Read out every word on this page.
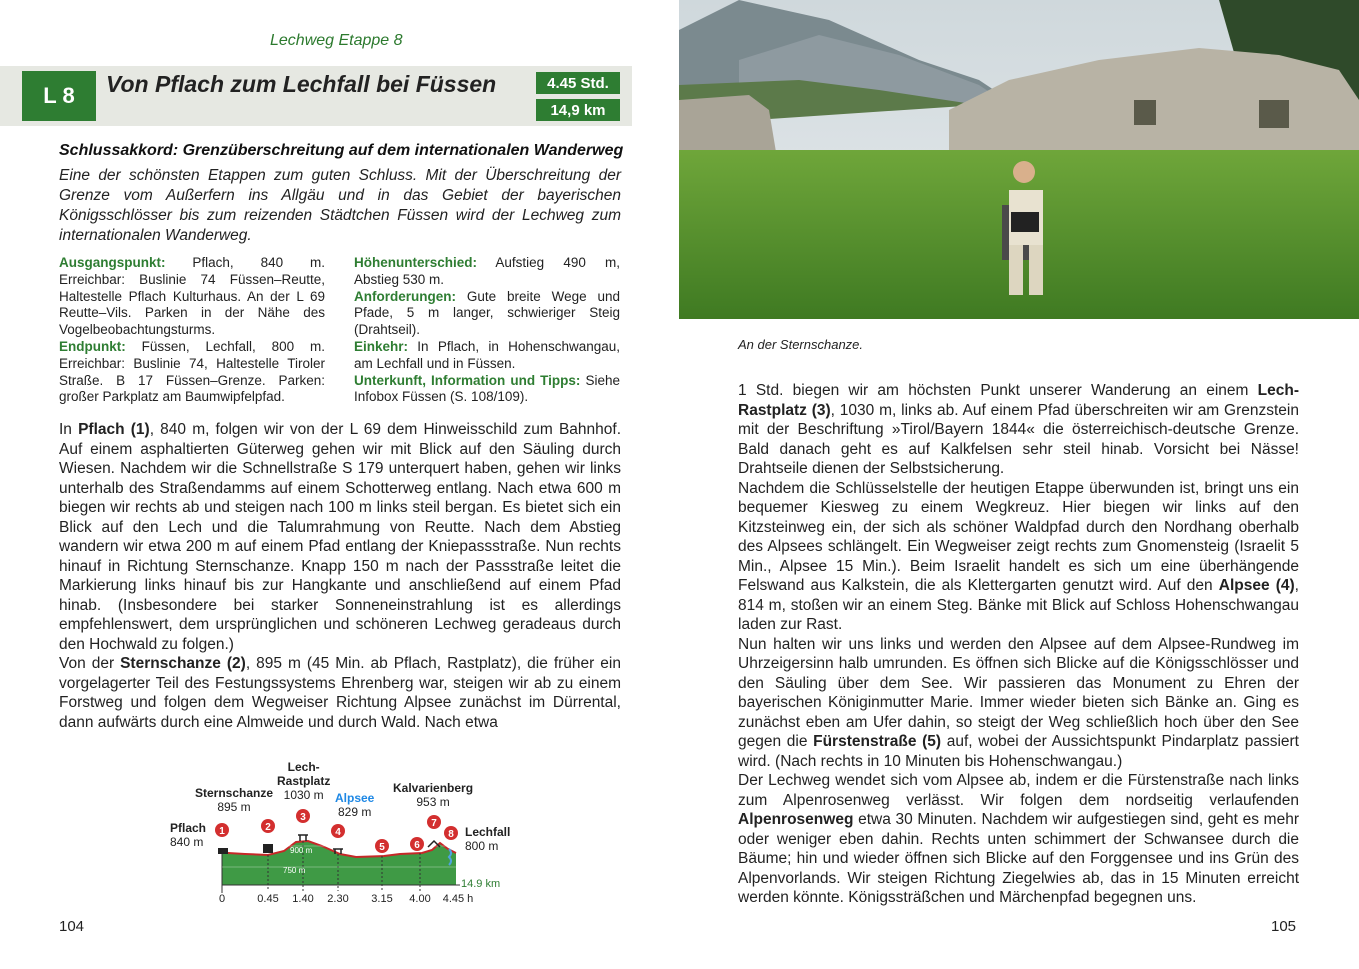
Lechweg Etappe 8
L 8	Von Pflach zum Lechfall bei Füssen	4.45 Std.
14,9 km
Schlussakkord: Grenzüberschreitung auf dem internationalen Wanderweg
Eine der schönsten Etappen zum guten Schluss. Mit der Überschreitung der Grenze vom Außerfern ins Allgäu und in das Gebiet der bayerischen Königsschlösser bis zum reizenden Städtchen Füssen wird der Lechweg zum internationalen Wanderweg.
Ausgangspunkt: Pflach, 840 m. Erreichbar: Buslinie 74 Füssen–Reutte, Haltestelle Pflach Kulturhaus. An der L 69 Reutte–Vils. Parken in der Nähe des Vogelbeobachtungsturms.
Endpunkt: Füssen, Lechfall, 800 m. Erreichbar: Buslinie 74, Haltestelle Tiroler Straße. B 17 Füssen–Grenze. Parken: großer Parkplatz am Baumwipfelpfad.
Höhenunterschied: Aufstieg 490 m, Abstieg 530 m.
Anforderungen: Gute breite Wege und Pfade, 5 m langer, schwieriger Steig (Drahtseil).
Einkehr: In Pflach, in Hohenschwangau, am Lechfall und in Füssen.
Unterkunft, Information und Tipps: Siehe Infobox Füssen (S. 108/109).

In Pflach (1), 840 m, folgen wir von der L 69 dem Hinweisschild zum Bahnhof. Auf einem asphaltierten Güterweg gehen wir mit Blick auf den Säuling durch Wiesen. Nachdem wir die Schnellstraße S 179 unterquert haben, gehen wir links unterhalb des Straßendamms auf einem Schotterweg entlang. Nach etwa 600 m biegen wir rechts ab und steigen nach 100 m links steil bergan. Es bietet sich ein Blick auf den Lech und die Talumrahmung von Reutte. Nach dem Abstieg wandern wir etwa 200 m auf einem Pfad entlang der Kniepassstraße. Nun rechts hinauf in Richtung Sternschanze. Knapp 150 m nach der Passstraße leitet die Markierung links hinauf bis zur Hangkante und anschließend auf einem Pfad hinab. (Insbesondere bei starker Sonneneinstrahlung ist es allerdings empfehlenswert, dem ursprünglichen und schöneren Lechweg geradeaus durch den Hochwald zu folgen.)

Von der Sternschanze (2), 895 m (45 Min. ab Pflach, Rastplatz), die früher ein vorgelagerter Teil des Festungssystems Ehrenberg war, steigen wir ab zu einem Forstweg und folgen dem Wegweiser Richtung Alpsee zunächst im Dürrental, dann aufwärts durch eine Almweide und durch Wald. Nach etwa

900 m
750 m
1	2
3
4
5	6
7
8
0	0.45 1.40 2.30 3.15 4.00 4.45 h
14.9 km
Pflach
840 m
Sternschanze
895 m
Lech-
Rastplatz
1030 m Alpsee
829 m
Kalvarienberg
953 m
Lechfall
800 m
104
An der Sternschanze.

1 Std. biegen wir am höchsten Punkt unserer Wanderung an einem Lech-Rastplatz (3), 1030 m, links ab. Auf einem Pfad überschreiten wir am Grenzstein mit der Beschriftung »Tirol/Bayern 1844« die österreichisch-deutsche Grenze. Bald danach geht es auf Kalkfelsen sehr steil hinab. Vorsicht bei Nässe! Drahtseile dienen der Selbstsicherung.

Nachdem die Schlüsselstelle der heutigen Etappe überwunden ist, bringt uns ein bequemer Kiesweg zu einem Wegkreuz. Hier biegen wir links auf den Kitzsteinweg ein, der sich als schöner Waldpfad durch den Nordhang oberhalb des Alpsees schlängelt. Ein Wegweiser zeigt rechts zum Gnomensteig (Israelit 5 Min., Alpsee 15 Min.). Beim Israelit handelt es sich um eine überhängende Felswand aus Kalkstein, die als Klettergarten genutzt wird. Auf den Alpsee (4), 814 m, stoßen wir an einem Steg. Bänke mit Blick auf Schloss Hohenschwangau laden zur Rast.

Nun halten wir uns links und werden den Alpsee auf dem Alpsee-Rundweg im Uhrzeigersinn halb umrunden. Es öffnen sich Blicke auf die Königsschlösser und den Säuling über dem See. Wir passieren das Monument zu Ehren der bayerischen Königinmutter Marie. Immer wieder bieten sich Bänke an. Ging es zunächst eben am Ufer dahin, so steigt der Weg schließlich hoch über den See gegen die Fürstenstraße (5) auf, wobei der Aussichtspunkt Pindarplatz passiert wird. (Nach rechts in 10 Minuten bis Hohenschwangau.)

Der Lechweg wendet sich vom Alpsee ab, indem er die Fürstenstraße nach links zum Alpenrosenweg verlässt. Wir folgen dem nordseitig verlaufenden Alpenrosenweg etwa 30 Minuten. Nachdem wir aufgestiegen sind, geht es mehr oder weniger eben dahin. Rechts unten schimmert der Schwansee durch die Bäume; hin und wieder öffnen sich Blicke auf den Forggensee und ins Grün des Alpenvorlands. Wir steigen Richtung Ziegelwies ab, das in 15 Minuten erreicht werden könnte. Königssträßchen und Märchenpfad begegnen uns.

105
